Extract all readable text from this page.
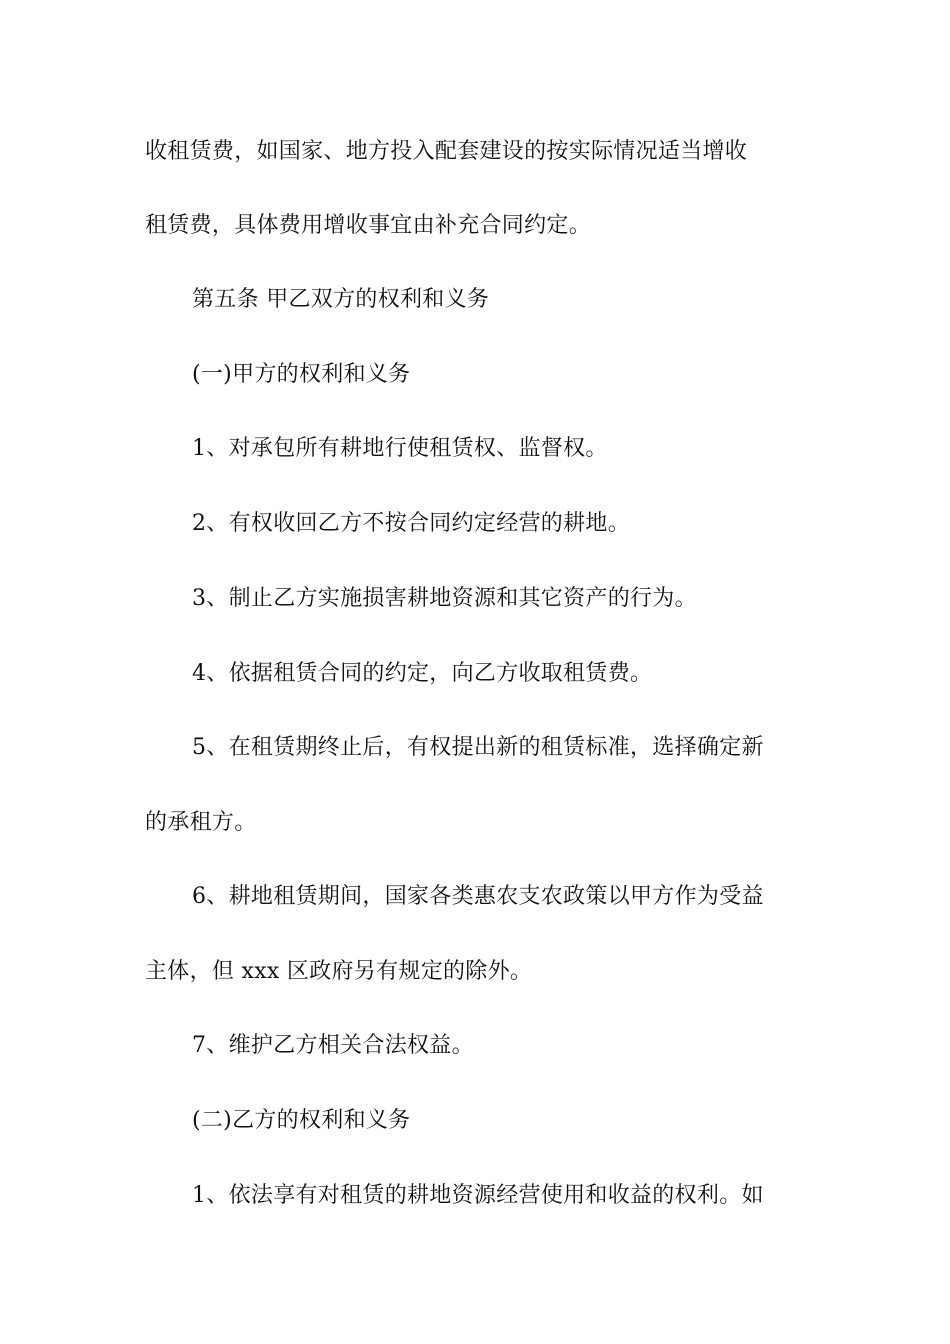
收租赁费，如国家、地方投入配套建设的按实际情况适当增收
租赁费，具体费用增收事宜由补充合同约定。
第五条 甲乙双方的权利和义务
(一)甲方的权利和义务
1、对承包所有耕地行使租赁权、监督权。
2、有权收回乙方不按合同约定经营的耕地。
3、制止乙方实施损害耕地资源和其它资产的行为。
4、依据租赁合同的约定，向乙方收取租赁费。
5、在租赁期终止后，有权提出新的租赁标准，选择确定新
的承租方。
6、耕地租赁期间，国家各类惠农支农政策以甲方作为受益
主体，但 xxx 区政府另有规定的除外。
7、维护乙方相关合法权益。
(二)乙方的权利和义务
1、依法享有对租赁的耕地资源经营使用和收益的权利。如
